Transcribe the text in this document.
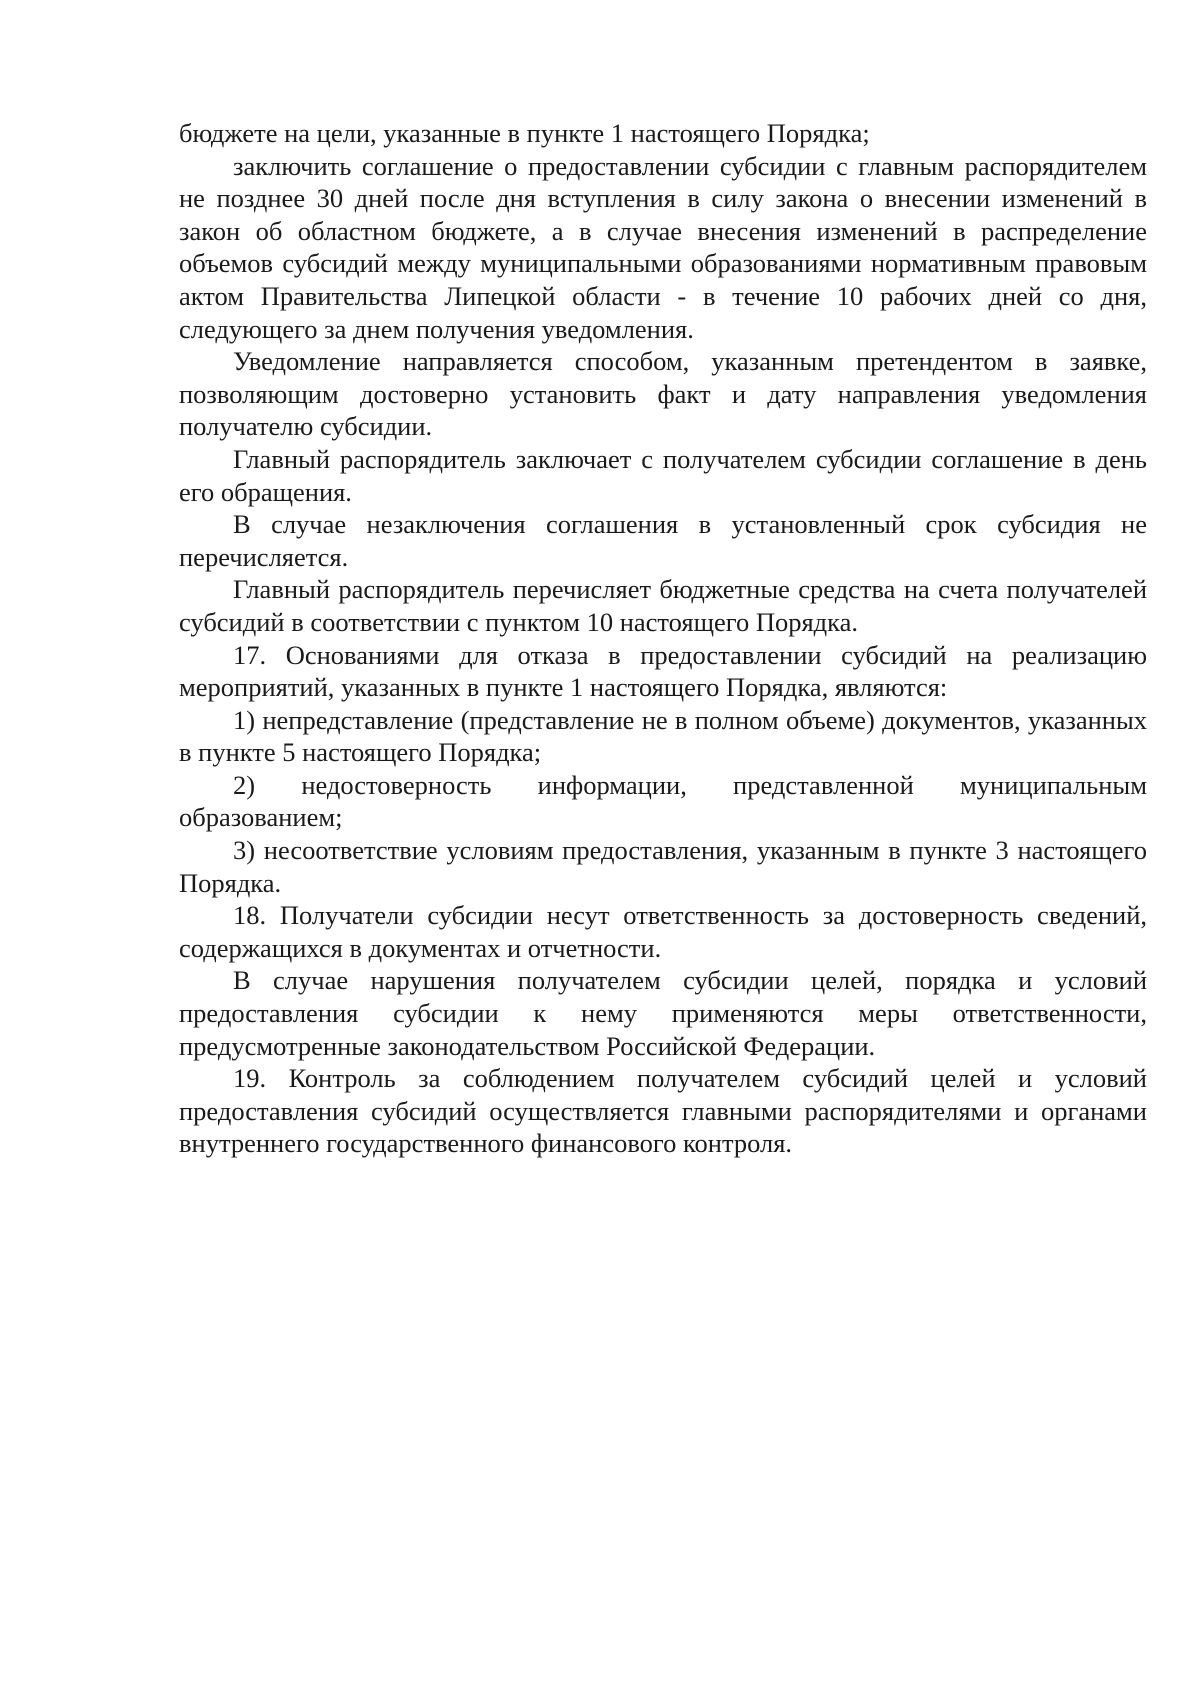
бюджете на цели, указанные в пункте 1 настоящего Порядка;

заключить соглашение о предоставлении субсидии с главным распорядителем не позднее 30 дней после дня вступления в силу закона о внесении изменений в закон об областном бюджете, а в случае внесения изменений в распределение объемов субсидий между муниципальными образованиями нормативным правовым актом Правительства Липецкой области - в течение 10 рабочих дней со дня, следующего за днем получения уведомления.

Уведомление направляется способом, указанным претендентом в заявке, позволяющим достоверно установить факт и дату направления уведомления получателю субсидии.

Главный распорядитель заключает с получателем субсидии соглашение в день его обращения.

В случае незаключения соглашения в установленный срок субсидия не перечисляется.

Главный распорядитель перечисляет бюджетные средства на счета получателей субсидий в соответствии с пунктом 10 настоящего Порядка.

17. Основаниями для отказа в предоставлении субсидий на реализацию мероприятий, указанных в пункте 1 настоящего Порядка, являются:

1) непредставление (представление не в полном объеме) документов, указанных в пункте 5 настоящего Порядка;

2) недостоверность информации, представленной муниципальным образованием;

3) несоответствие условиям предоставления, указанным в пункте 3 настоящего Порядка.

18. Получатели субсидии несут ответственность за достоверность сведений, содержащихся в документах и отчетности.

В случае нарушения получателем субсидии целей, порядка и условий предоставления субсидии к нему применяются меры ответственности, предусмотренные законодательством Российской Федерации.

19. Контроль за соблюдением получателем субсидий целей и условий предоставления субсидий осуществляется главными распорядителями и органами внутреннего государственного финансового контроля.
